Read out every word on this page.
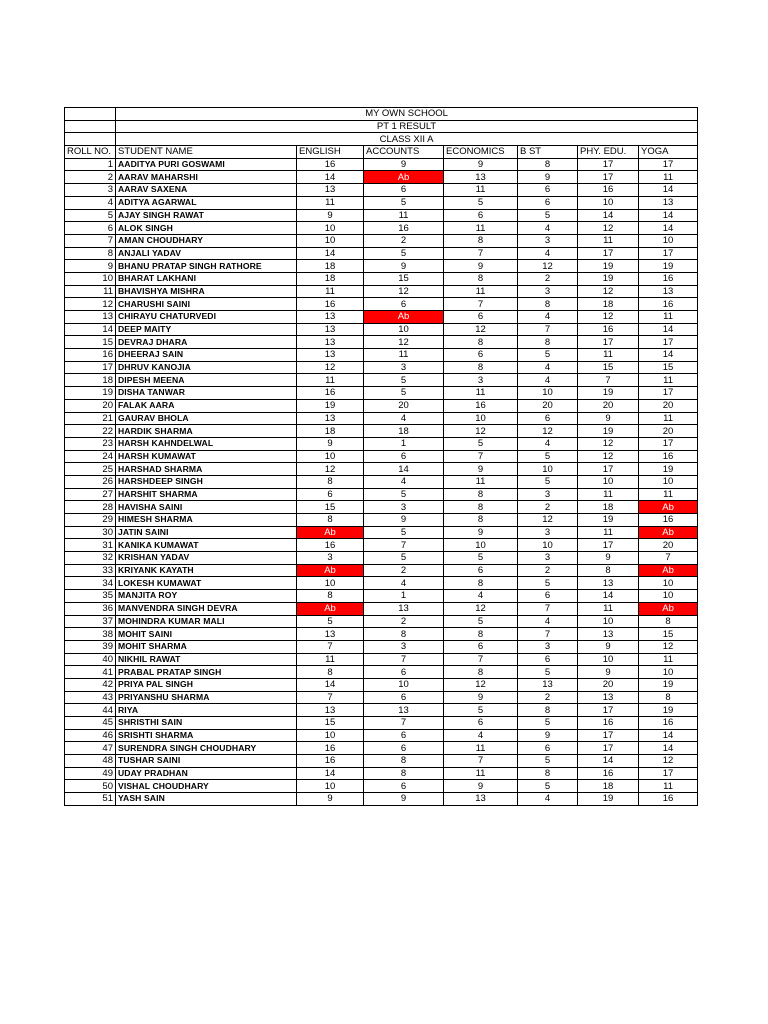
	MY OWN SCHOOL						
	PT 1 RESULT						
	CLASS XII A						
ROLL NO.	STUDENT NAME	ENGLISH	ACCOUNTS	ECONOMICS	B ST	PHY. EDU.	YOGA
1	AADITYA PURI GOSWAMI	16	9	9	8	17	17
2	AARAV MAHARSHI	14	Ab	13	9	17	11
3	AARAV SAXENA	13	6	11	6	16	14
4	ADITYA AGARWAL	11	5	5	6	10	13
5	AJAY SINGH RAWAT	9	11	6	5	14	14
6	ALOK SINGH	10	16	11	4	12	14
7	AMAN CHOUDHARY	10	2	8	3	11	10
8	ANJALI YADAV	14	5	7	4	17	17
9	BHANU PRATAP SINGH RATHORE	18	9	9	12	19	19
10	BHARAT LAKHANI	18	15	8	2	19	16
11	BHAVISHYA MISHRA	11	12	11	3	12	13
12	CHARUSHI SAINI	16	6	7	8	18	16
13	CHIRAYU CHATURVEDI	13	Ab	6	4	12	11
14	DEEP MAITY	13	10	12	7	16	14
15	DEVRAJ DHARA	13	12	8	8	17	17
16	DHEERAJ SAIN	13	11	6	5	11	14
17	DHRUV KANOJIA	12	3	8	4	15	15
18	DIPESH MEENA	11	5	3	4	7	11
19	DISHA TANWAR	16	5	11	10	19	17
20	FALAK AARA	19	20	16	20	20	20
21	GAURAV BHOLA	13	4	10	6	9	11
22	HARDIK SHARMA	18	18	12	12	19	20
23	HARSH KAHNDELWAL	9	1	5	4	12	17
24	HARSH KUMAWAT	10	6	7	5	12	16
25	HARSHAD SHARMA	12	14	9	10	17	19
26	HARSHDEEP SINGH	8	4	11	5	10	10
27	HARSHIT SHARMA	6	5	8	3	11	11
28	HAVISHA SAINI	15	3	8	2	18	Ab
29	HIMESH SHARMA	8	9	8	12	19	16
30	JATIN SAINI	Ab	5	9	3	11	Ab
31	KANIKA KUMAWAT	16	7	10	10	17	20
32	KRISHAN YADAV	3	5	5	3	9	7
33	KRIYANK KAYATH	Ab	2	6	2	8	Ab
34	LOKESH KUMAWAT	10	4	8	5	13	10
35	MANJITA ROY	8	1	4	6	14	10
36	MANVENDRA SINGH DEVRA	Ab	13	12	7	11	Ab
37	MOHINDRA KUMAR MALI	5	2	5	4	10	8
38	MOHIT SAINI	13	8	8	7	13	15
39	MOHIT SHARMA	7	3	6	3	9	12
40	NIKHIL RAWAT	11	7	7	6	10	11
41	PRABAL PRATAP SINGH	8	6	8	5	9	10
42	PRIYA PAL SINGH	14	10	12	13	20	19
43	PRIYANSHU SHARMA	7	6	9	2	13	8
44	RIYA	13	13	5	8	17	19
45	SHRISTHI SAIN	15	7	6	5	16	16
46	SRISHTI SHARMA	10	6	4	9	17	14
47	SURENDRA SINGH CHOUDHARY	16	6	11	6	17	14
48	TUSHAR SAINI	16	8	7	5	14	12
49	UDAY PRADHAN	14	8	11	8	16	17
50	VISHAL CHOUDHARY	10	6	9	5	18	11
51	YASH SAIN	9	9	13	4	19	16
